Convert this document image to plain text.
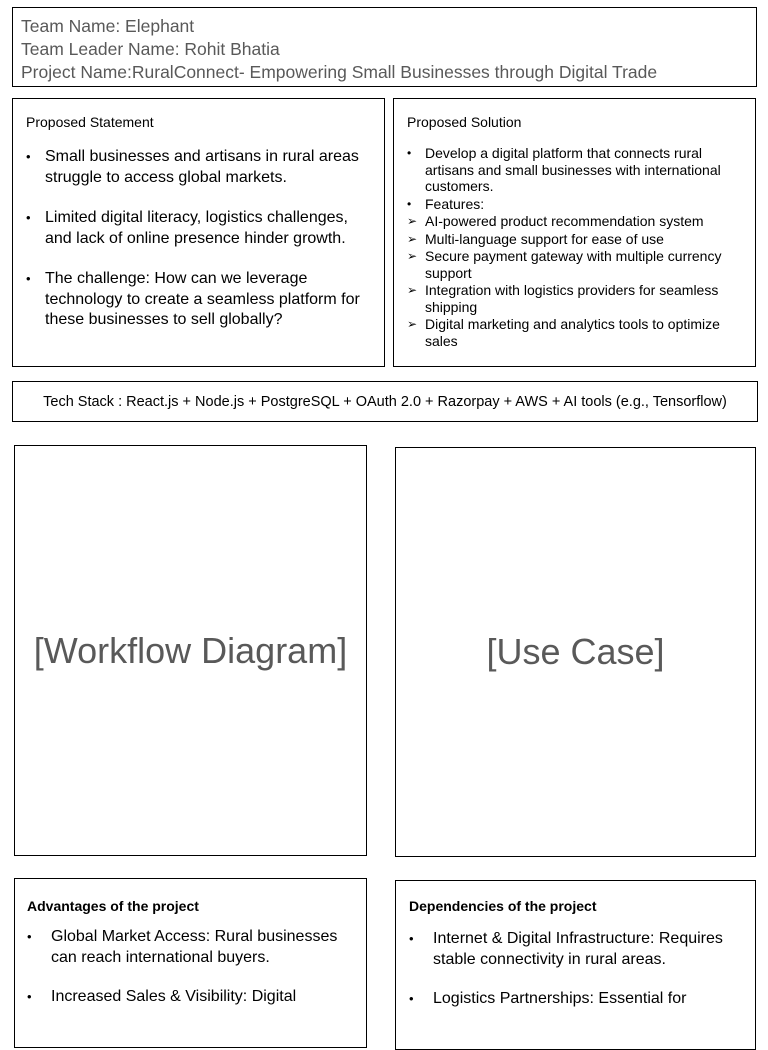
Team Name: Elephant
Team Leader Name: Rohit Bhatia
Project Name:RuralConnect- Empowering Small Businesses through Digital Trade
Proposed Statement
• Small businesses and artisans in rural areas struggle to access global markets.
• Limited digital literacy, logistics challenges, and lack of online presence hinder growth.
• The challenge: How can we leverage technology to create a seamless platform for these businesses to sell globally?
Proposed Solution
• Develop a digital platform that connects rural artisans and small businesses with international customers.
• Features:
➢ AI-powered product recommendation system
➢ Multi-language support for ease of use
➢ Secure payment gateway with multiple currency support
➢ Integration with logistics providers for seamless shipping
➢ Digital marketing and analytics tools to optimize sales
Tech Stack : React.js + Node.js + PostgreSQL + OAuth 2.0 + Razorpay + AWS + AI tools (e.g., Tensorflow)
[Workflow Diagram]	[Use Case]
Advantages of the project
• Global Market Access: Rural businesses can reach international buyers.
• Increased Sales & Visibility: Digital
Dependencies of the project
• Internet & Digital Infrastructure: Requires stable connectivity in rural areas.
• Logistics Partnerships: Essential for
